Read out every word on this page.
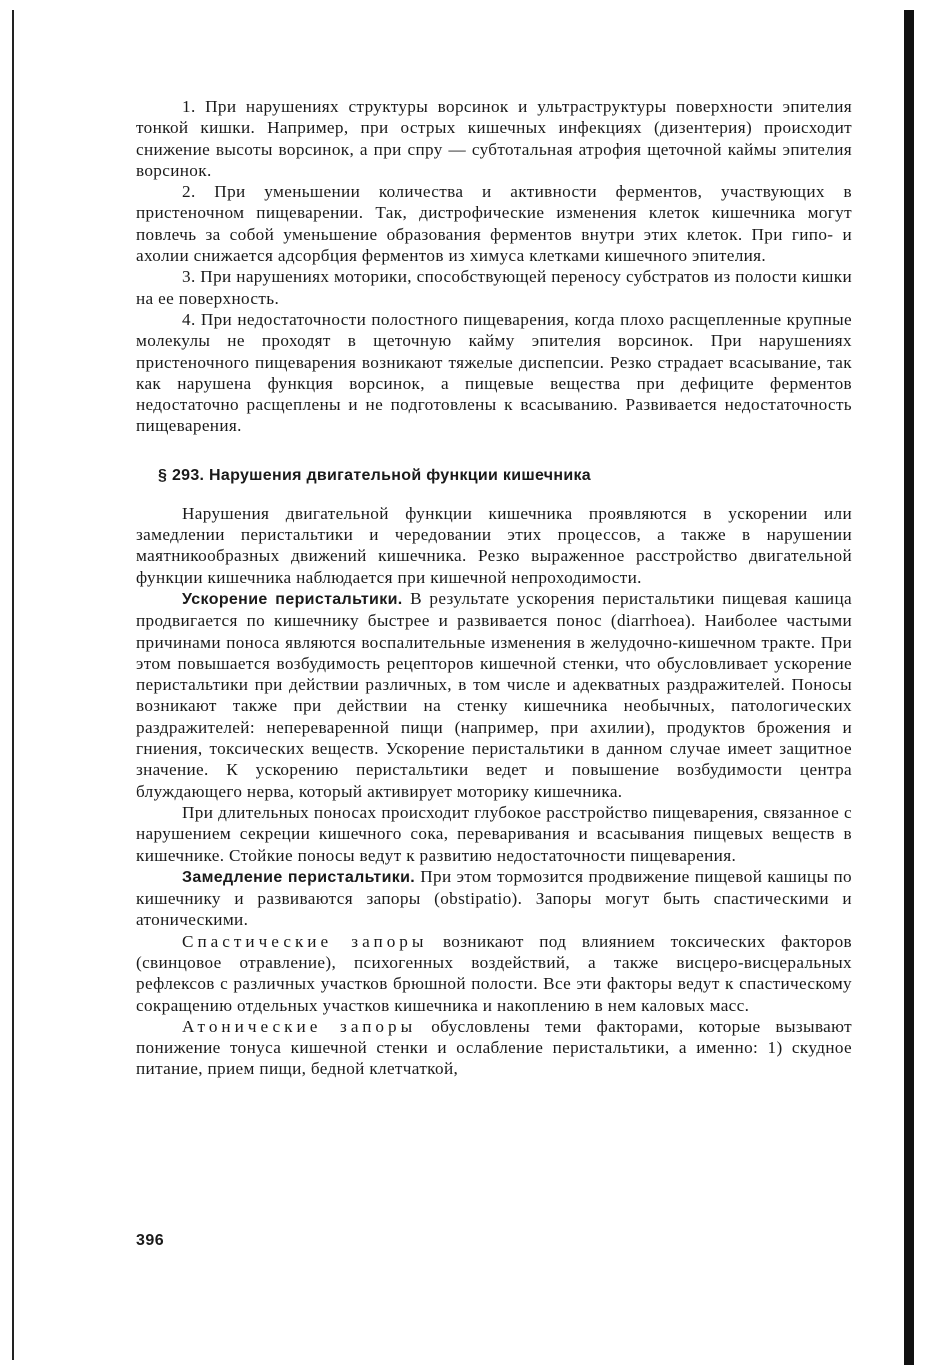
1. При нарушениях структуры ворсинок и ультраструктуры поверхности эпителия тонкой кишки. Например, при острых кишечных инфекциях (дизентерия) происходит снижение высоты ворсинок, а при спру — субтотальная атрофия щеточной каймы эпителия ворсинок.

2. При уменьшении количества и активности ферментов, участвующих в пристеночном пищеварении. Так, дистрофические изменения клеток кишечника могут повлечь за собой уменьшение образования ферментов внутри этих клеток. При гипо- и ахолии снижается адсорбция ферментов из химуса клетками кишечного эпителия.

3. При нарушениях моторики, способствующей переносу субстратов из полости кишки на ее поверхность.

4. При недостаточности полостного пищеварения, когда плохо расщепленные крупные молекулы не проходят в щеточную кайму эпителия ворсинок. При нарушениях пристеночного пищеварения возникают тяжелые диспепсии. Резко страдает всасывание, так как нарушена функция ворсинок, а пищевые вещества при дефиците ферментов недостаточно расщеплены и не подготовлены к всасыванию. Развивается недостаточность пищеварения.

§ 293. Нарушения двигательной функции кишечника

Нарушения двигательной функции кишечника проявляются в ускорении или замедлении перистальтики и чередовании этих процессов, а также в нарушении маятникообразных движений кишечника. Резко выраженное расстройство двигательной функции кишечника наблюдается при кишечной непроходимости.

Ускорение перистальтики. В результате ускорения перистальтики пищевая кашица продвигается по кишечнику быстрее и развивается понос (diarrhoea). Наиболее частыми причинами поноса являются воспалительные изменения в желудочно-кишечном тракте. При этом повышается возбудимость рецепторов кишечной стенки, что обусловливает ускорение перистальтики при действии различных, в том числе и адекватных раздражителей. Поносы возникают также при действии на стенку кишечника необычных, патологических раздражителей: непереваренной пищи (например, при ахилии), продуктов брожения и гниения, токсических веществ. Ускорение перистальтики в данном случае имеет защитное значение. К ускорению перистальтики ведет и повышение возбудимости центра блуждающего нерва, который активирует моторику кишечника.

При длительных поносах происходит глубокое расстройство пищеварения, связанное с нарушением секреции кишечного сока, переваривания и всасывания пищевых веществ в кишечнике. Стойкие поносы ведут к развитию недостаточности пищеварения.

Замедление перистальтики. При этом тормозится продвижение пищевой кашицы по кишечнику и развиваются запоры (obstipatio). Запоры могут быть спастическими и атоническими.

Спастические запоры возникают под влиянием токсических факторов (свинцовое отравление), психогенных воздействий, а также висцеро-висцеральных рефлексов с различных участков брюшной полости. Все эти факторы ведут к спастическому сокращению отдельных участков кишечника и накоплению в нем каловых масс.

Атонические запоры обусловлены теми факторами, которые вызывают понижение тонуса кишечной стенки и ослабление перистальтики, а именно: 1) скудное питание, прием пищи, бедной клетчаткой,

396
